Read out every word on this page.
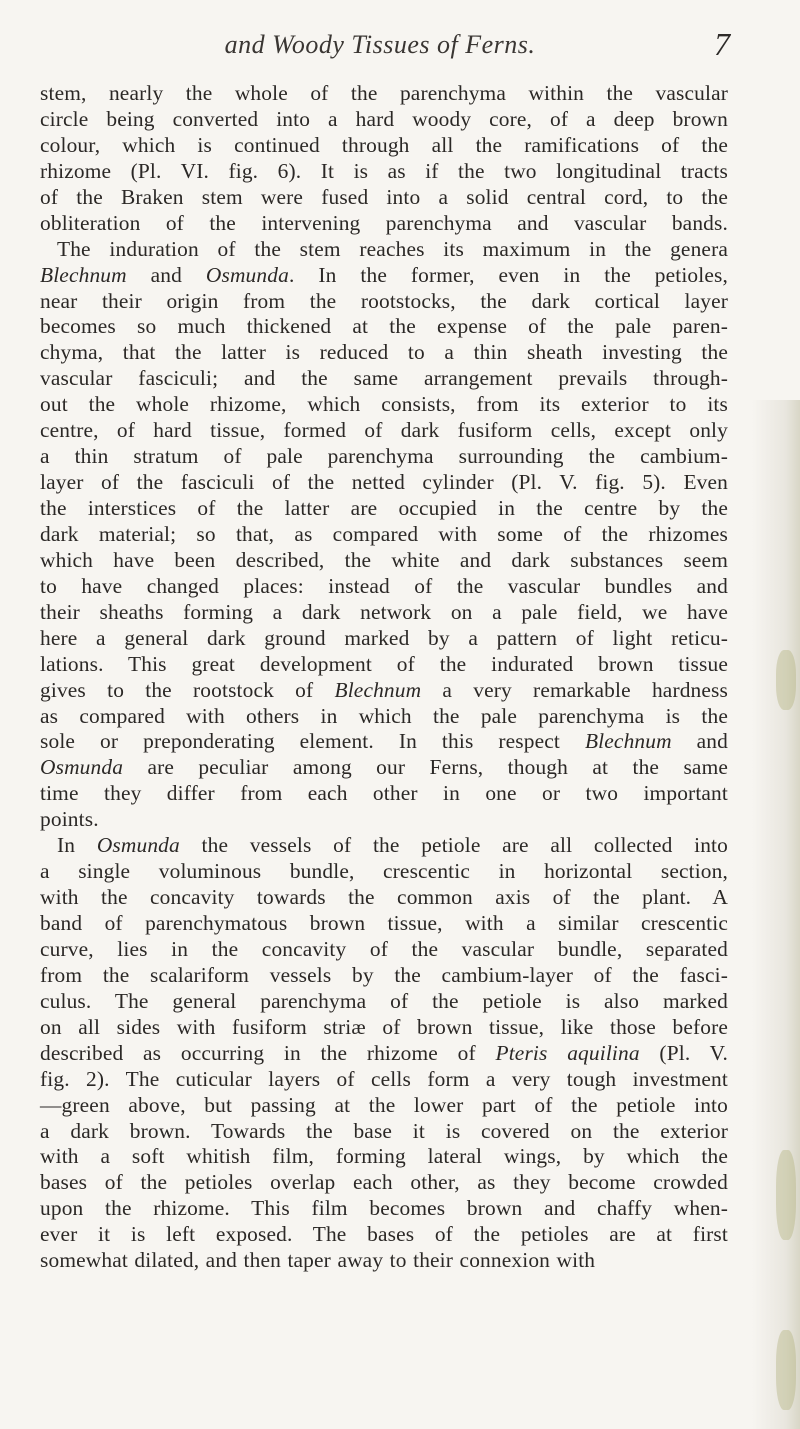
and Woody Tissues of Ferns.	7
stem, nearly the whole of the parenchyma within the vascular
circle being converted into a hard woody core, of a deep brown
colour, which is continued through all the ramifications of the
rhizome (Pl. VI. fig. 6). It is as if the two longitudinal tracts
of the Braken stem were fused into a solid central cord, to the
obliteration of the intervening parenchyma and vascular bands.
The induration of the stem reaches its maximum in the genera
Blechnum and Osmunda. In the former, even in the petioles,
near their origin from the rootstocks, the dark cortical layer
becomes so much thickened at the expense of the pale paren-
chyma, that the latter is reduced to a thin sheath investing the
vascular fasciculi; and the same arrangement prevails through-
out the whole rhizome, which consists, from its exterior to its
centre, of hard tissue, formed of dark fusiform cells, except only
a thin stratum of pale parenchyma surrounding the cambium-
layer of the fasciculi of the netted cylinder (Pl. V. fig. 5). Even
the interstices of the latter are occupied in the centre by the
dark material; so that, as compared with some of the rhizomes
which have been described, the white and dark substances seem
to have changed places: instead of the vascular bundles and
their sheaths forming a dark network on a pale field, we have
here a general dark ground marked by a pattern of light reticu-
lations. This great development of the indurated brown tissue
gives to the rootstock of Blechnum a very remarkable hardness
as compared with others in which the pale parenchyma is the
sole or preponderating element. In this respect Blechnum and
Osmunda are peculiar among our Ferns, though at the same
time they differ from each other in one or two important
points.
In Osmunda the vessels of the petiole are all collected into
a single voluminous bundle, crescentic in horizontal section,
with the concavity towards the common axis of the plant. A
band of parenchymatous brown tissue, with a similar crescentic
curve, lies in the concavity of the vascular bundle, separated
from the scalariform vessels by the cambium-layer of the fasci-
culus. The general parenchyma of the petiole is also marked
on all sides with fusiform striæ of brown tissue, like those before
described as occurring in the rhizome of Pteris aquilina (Pl. V.
fig. 2). The cuticular layers of cells form a very tough investment
—green above, but passing at the lower part of the petiole into
a dark brown. Towards the base it is covered on the exterior
with a soft whitish film, forming lateral wings, by which the
bases of the petioles overlap each other, as they become crowded
upon the rhizome. This film becomes brown and chaffy when-
ever it is left exposed. The bases of the petioles are at first
somewhat dilated, and then taper away to their connexion with
